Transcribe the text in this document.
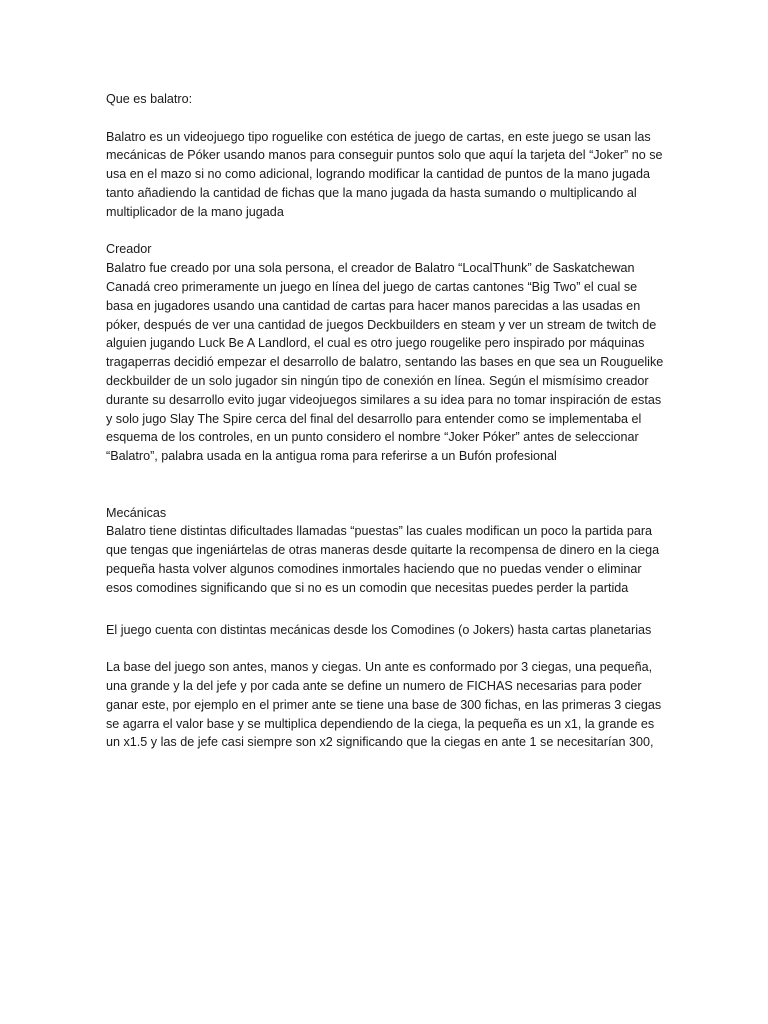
Que es balatro:

Balatro es un videojuego tipo roguelike con estética de juego de cartas, en este juego se usan las mecánicas de Póker usando manos para conseguir puntos solo que aquí la tarjeta del “Joker” no se usa en el mazo si no como adicional, logrando modificar la cantidad de puntos de la mano jugada tanto añadiendo la cantidad de fichas que la mano jugada da hasta sumando o multiplicando al multiplicador de la mano jugada

Creador

Balatro fue creado por una sola persona, el creador de Balatro “LocalThunk” de Saskatchewan Canadá creo primeramente un juego en línea del juego de cartas cantones “Big Two” el cual se basa en jugadores usando una cantidad de cartas para hacer manos parecidas a las usadas en póker, después de ver una cantidad de juegos Deckbuilders en steam y ver un stream de twitch de alguien jugando Luck Be A Landlord, el cual es otro juego rougelike pero inspirado por máquinas tragaperras decidió empezar el desarrollo de balatro, sentando las bases en que sea un Rouguelike deckbuilder de un solo jugador sin ningún tipo de conexión en línea. Según el mismísimo creador durante su desarrollo evito jugar videojuegos similares a su idea para no tomar inspiración de estas y solo jugo Slay The Spire cerca del final del desarrollo para entender como se implementaba el esquema de los controles, en un punto considero el nombre “Joker Póker” antes de seleccionar “Balatro”, palabra usada en la antigua roma para referirse a un Bufón profesional

Mecánicas

Balatro tiene distintas dificultades llamadas “puestas” las cuales modifican un poco la partida para que tengas que ingeniártelas de otras maneras desde quitarte la recompensa de dinero en la ciega pequeña hasta volver algunos comodines inmortales haciendo que no puedas vender o eliminar esos comodines significando que si no es un comodin que necesitas puedes perder la partida

El juego cuenta con distintas mecánicas desde los Comodines (o Jokers) hasta cartas planetarias

La base del juego son antes, manos y ciegas. Un ante es conformado por 3 ciegas, una pequeña, una grande y la del jefe y por cada ante se define un numero de FICHAS necesarias para poder ganar este, por ejemplo en el primer ante se tiene una base de 300 fichas, en las primeras 3 ciegas se agarra el valor base y se multiplica dependiendo de la ciega, la pequeña es un x1, la grande es un x1.5 y las de jefe casi siempre son x2 significando que la ciegas en ante 1 se necesitarían 300,
